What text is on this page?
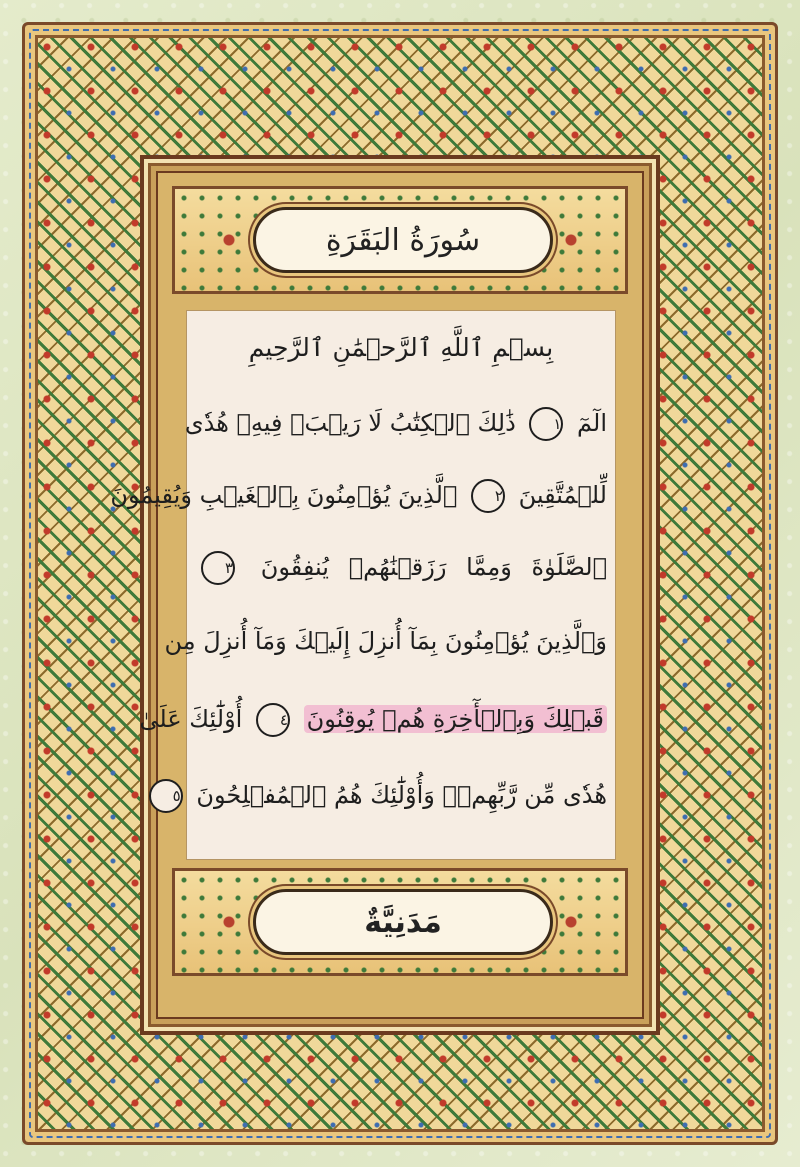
سُورَةُ البَقَرَةِ
بِسۡمِ ٱللَّهِ ٱلرَّحۡمَٰنِ ٱلرَّحِيمِ
الٓمٓ ١ ذَٰلِكَ ٱلۡكِتَٰبُ لَا رَيۡبَۛ فِيهِۛ هُدٗى
لِّلۡمُتَّقِينَ ٢ ٱلَّذِينَ يُؤۡمِنُونَ بِٱلۡغَيۡبِ وَيُقِيمُونَ
ٱلصَّلَوٰةَ وَمِمَّا رَزَقۡنَٰهُمۡ يُنفِقُونَ ٣
وَٱلَّذِينَ يُؤۡمِنُونَ بِمَآ أُنزِلَ إِلَيۡكَ وَمَآ أُنزِلَ مِن
قَبۡلِكَ وَبِٱلۡأٓخِرَةِ هُمۡ يُوقِنُونَ ٤ أُوْلَٰٓئِكَ عَلَىٰ
هُدٗى مِّن رَّبِّهِمۡۖ وَأُوْلَٰٓئِكَ هُمُ ٱلۡمُفۡلِحُونَ ٥
مَدَنِيَّةٌ
